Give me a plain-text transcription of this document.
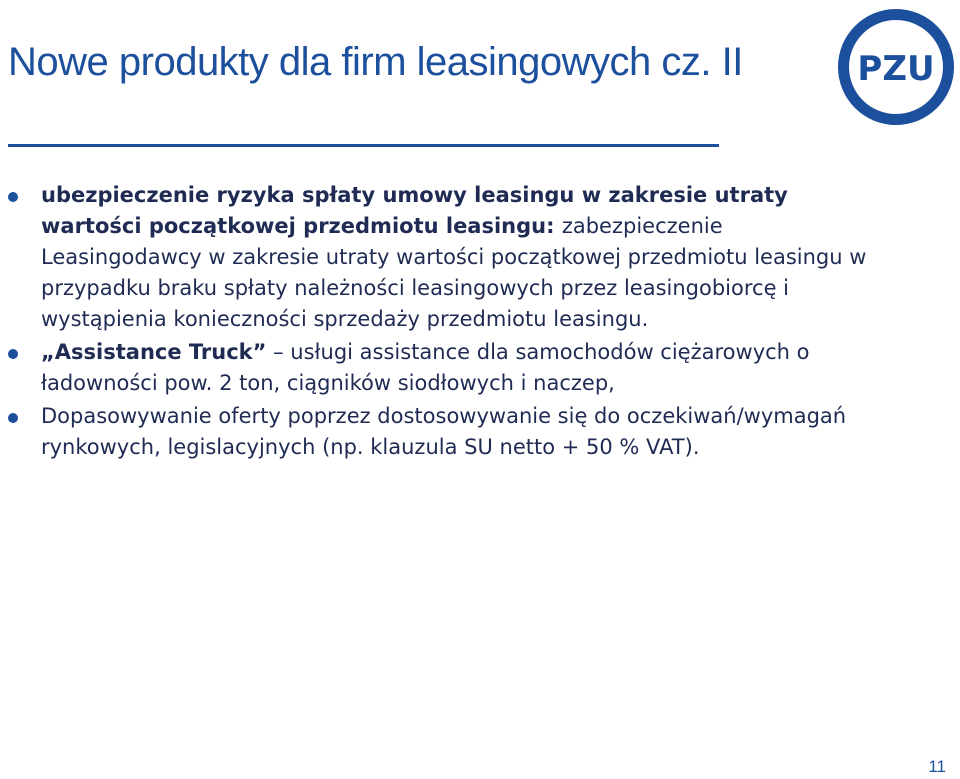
Nowe produkty dla firm leasingowych cz. II	PZU
ubezpieczenie ryzyka spłaty umowy leasingu w zakresie utraty wartości początkowej przedmiotu leasingu: zabezpieczenie Leasingodawcy w zakresie utraty wartości początkowej przedmiotu leasingu w przypadku braku spłaty należności leasingowych przez leasingobiorcę i wystąpienia konieczności sprzedaży przedmiotu leasingu.
„Assistance Truck” – usługi assistance dla samochodów ciężarowych o ładowności pow. 2 ton, ciągników siodłowych i naczep,
Dopasowywanie oferty poprzez dostosowywanie się do oczekiwań/wymagań rynkowych, legislacyjnych (np. klauzula SU netto + 50 % VAT).
11
